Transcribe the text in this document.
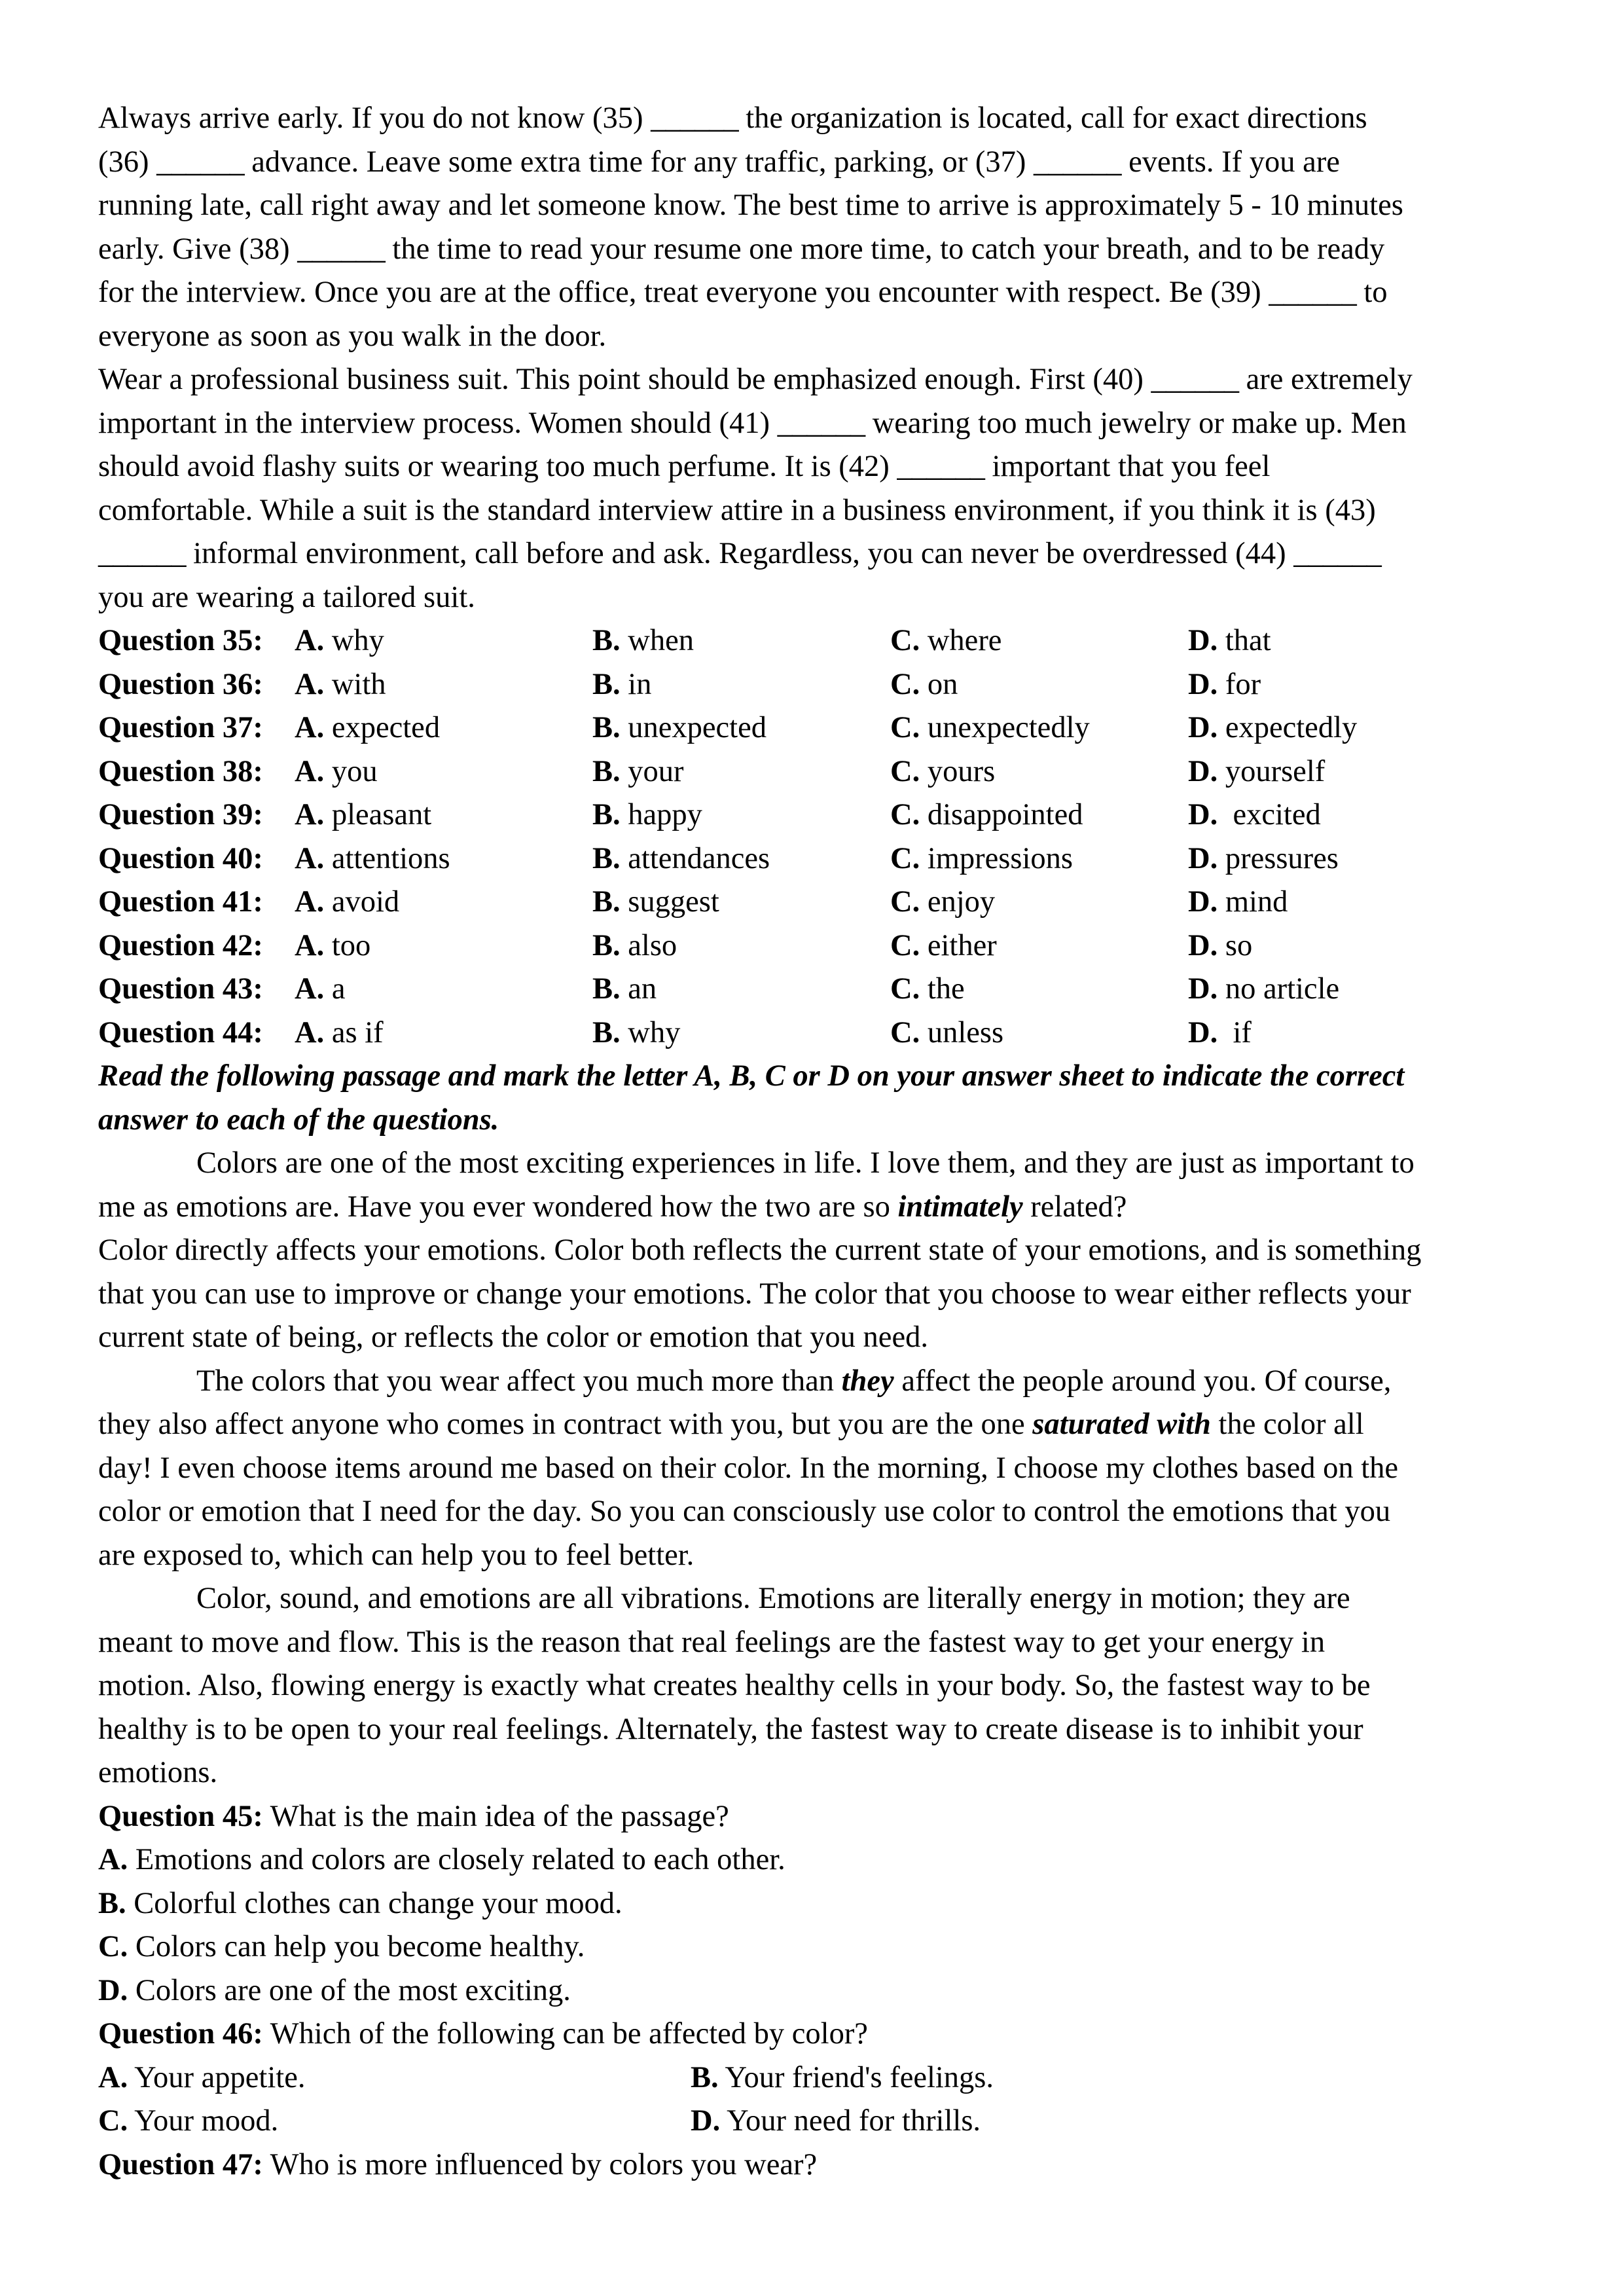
Always arrive early. If you do not know (35) ______ the organization is located, call for exact directions
(36) ______ advance. Leave some extra time for any traffic, parking, or (37) ______ events. If you are
running late, call right away and let someone know. The best time to arrive is approximately 5 - 10 minutes
early. Give (38) ______ the time to read your resume one more time, to catch your breath, and to be ready
for the interview. Once you are at the office, treat everyone you encounter with respect. Be (39) ______ to
everyone as soon as you walk in the door.
Wear a professional business suit. This point should be emphasized enough. First (40) ______ are extremely
important in the interview process. Women should (41) ______ wearing too much jewelry or make up. Men
should avoid flashy suits or wearing too much perfume. It is (42) ______ important that you feel
comfortable. While a suit is the standard interview attire in a business environment, if you think it is (43)
______ informal environment, call before and ask. Regardless, you can never be overdressed (44) ______
you are wearing a tailored suit.
Question 35:	A. why	B. when	C. where	D. that
Question 36:	A. with	B. in	C. on	D. for
Question 37:	A. expected	B. unexpected	C. unexpectedly	D. expectedly
Question 38:	A. you	B. your	C. yours	D. yourself
Question 39:	A. pleasant	B. happy	C. disappointed	D.  excited
Question 40:	A. attentions	B. attendances	C. impressions	D. pressures
Question 41:	A. avoid	B. suggest	C. enjoy	D. mind
Question 42:	A. too	B. also	C. either	D. so
Question 43:	A. a	B. an	C. the	D. no article
Question 44:	A. as if	B. why	C. unless	D.  if
Read the following passage and mark the letter A, B, C or D on your answer sheet to indicate the correct
answer to each of the questions.
Colors are one of the most exciting experiences in life. I love them, and they are just as important to
me as emotions are. Have you ever wondered how the two are so intimately related?
Color directly affects your emotions. Color both reflects the current state of your emotions, and is something
that you can use to improve or change your emotions. The color that you choose to wear either reflects your
current state of being, or reflects the color or emotion that you need.
The colors that you wear affect you much more than they affect the people around you. Of course,
they also affect anyone who comes in contract with you, but you are the one saturated with the color all
day! I even choose items around me based on their color. In the morning, I choose my clothes based on the
color or emotion that I need for the day. So you can consciously use color to control the emotions that you
are exposed to, which can help you to feel better.
Color, sound, and emotions are all vibrations. Emotions are literally energy in motion; they are
meant to move and flow. This is the reason that real feelings are the fastest way to get your energy in
motion. Also, flowing energy is exactly what creates healthy cells in your body. So, the fastest way to be
healthy is to be open to your real feelings. Alternately, the fastest way to create disease is to inhibit your
emotions.
Question 45: What is the main idea of the passage?
A. Emotions and colors are closely related to each other.
B. Colorful clothes can change your mood.
C. Colors can help you become healthy.
D. Colors are one of the most exciting.
Question 46: Which of the following can be affected by color?
A. Your appetite.	B. Your friend's feelings.
C. Your mood.	D. Your need for thrills.
Question 47: Who is more influenced by colors you wear?
